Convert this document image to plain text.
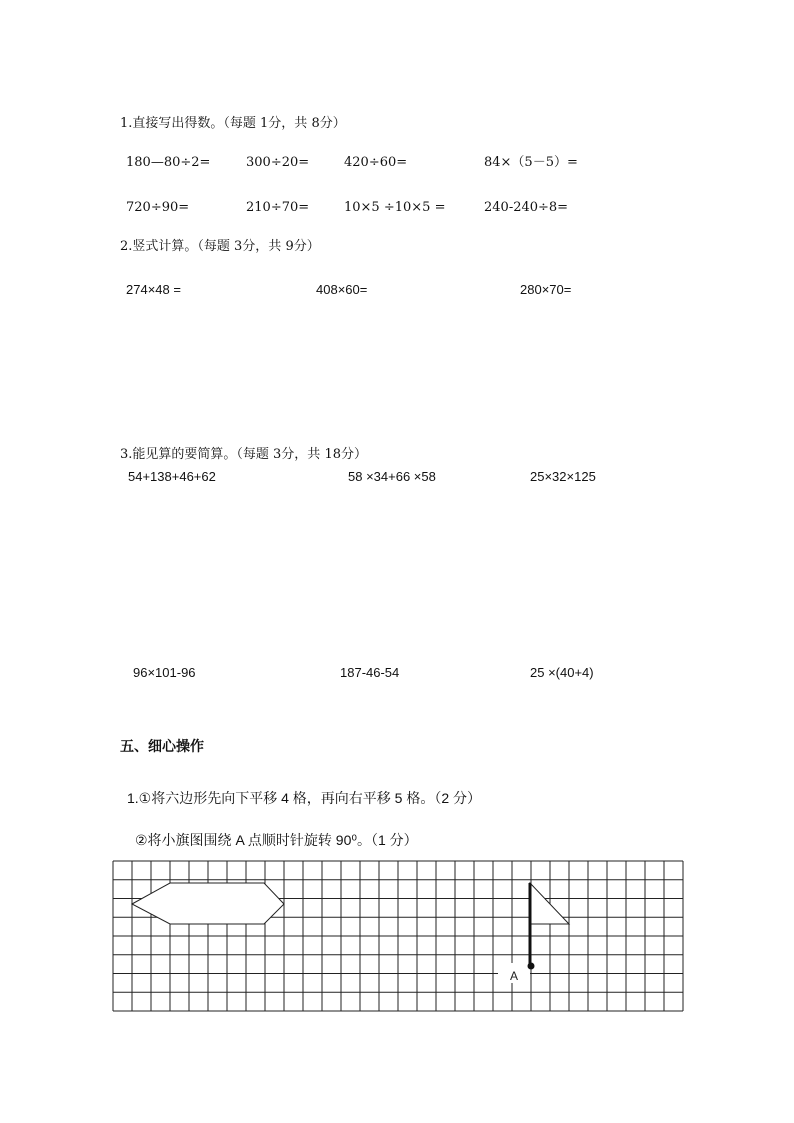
1.直接写出得数。（每题 1分，共 8分）
180—80÷2=	300÷20=	420÷60=	84×（5－5）=
720÷90=	210÷70=	10×5 ÷10×5 =	240-240÷8=
2.竖式计算。（每题 3分，共 9分）
274×48 =	408×60=	280×70=
3.能见算的要简算。（每题 3分，共 18分）
54+138+46+62	58 ×34+66 ×58	25×32×125
96×101-96	187-46-54	25 ×(40+4)
五、细心操作
1.①将六边形先向下平移 4 格，再向右平移 5 格。（2 分）
②将小旗图围绕 A 点顺时针旋转 90⁰。（1 分）
A
